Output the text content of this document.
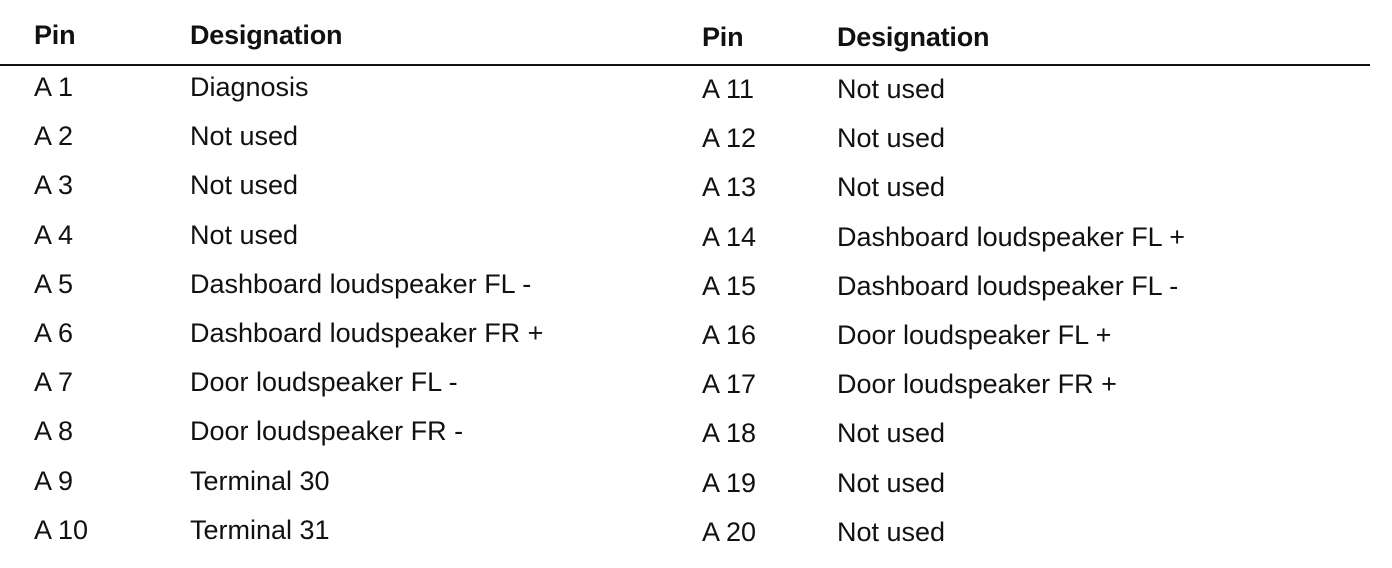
Pin	Designation
A 1	Diagnosis
A 2	Not used
A 3	Not used
A 4	Not used
A 5	Dashboard loudspeaker FL -
A 6	Dashboard loudspeaker FR +
A 7	Door loudspeaker FL -
A 8	Door loudspeaker FR -
A 9	Terminal 30
A 10	Terminal 31
Pin	Designation
A 11	Not used
A 12	Not used
A 13	Not used
A 14	Dashboard loudspeaker FL +
A 15	Dashboard loudspeaker FL -
A 16	Door loudspeaker FL +
A 17	Door loudspeaker FR +
A 18	Not used
A 19	Not used
A 20	Not used
